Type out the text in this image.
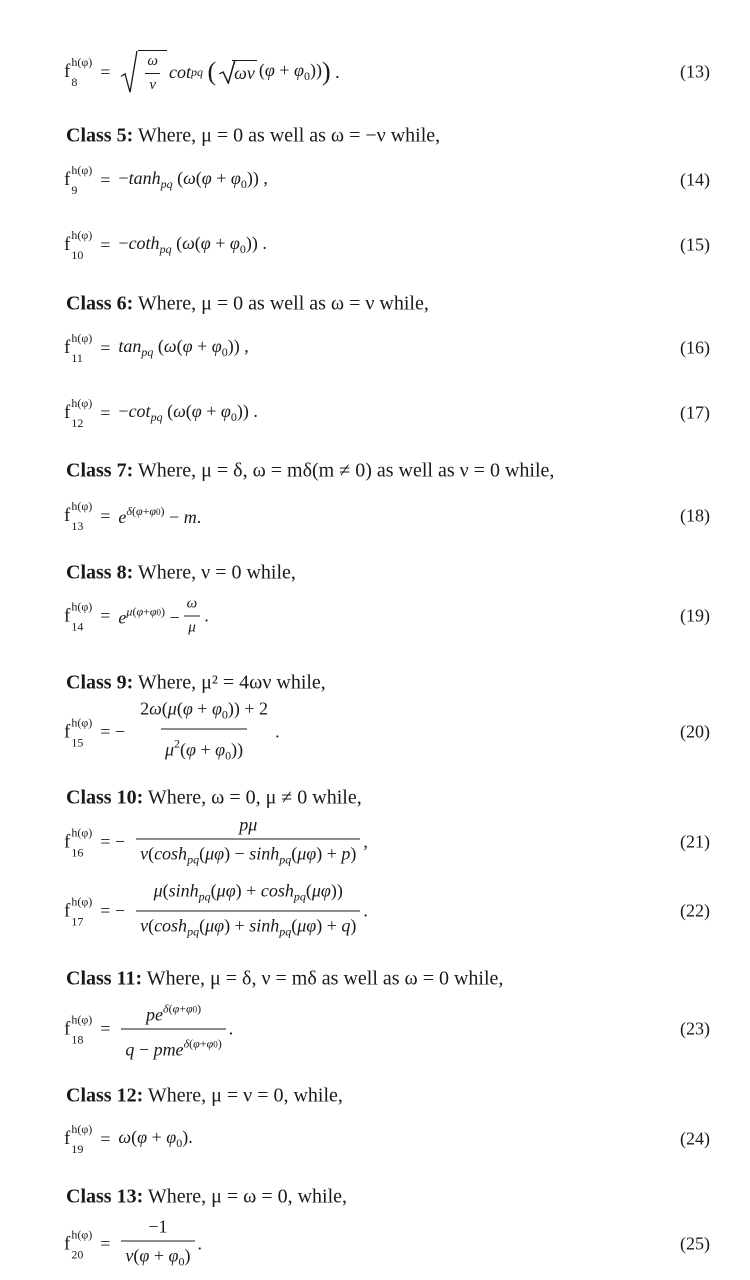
f h(φ)
8
= $\frac{\omega}{\nu}$ cot pq
( ων $(\varphi + \varphi_0)$) ) .	(13)
Class 5: Where, μ = 0 as well as ω = −ν while,
f h(φ)
9
= $-\tanh_{pq}$ $(\omega(\varphi + \varphi_0))$ ,	(14)
f h(φ)
10
= −coth$_{pq}$ $(\omega(\varphi + \varphi_0))$ .	(15)
Class 6: Where, μ = 0 as well as ω = ν while,
f h(φ)
11
= $\tan_{pq} (\omega(\varphi + \varphi_0))$ ,	(16)
f h(φ)
12
= $-\cot_{pq}$ $(\omega(\varphi + \varphi_0))$ .	(17)
Class 7: Where, μ = δ, ω = mδ(m ≠ 0) as well as ν = 0 while,
f h(φ)
13
= $e^{\delta(\varphi+\varphi 0)} - m$.	(18)
Class 8: Where, ν = 0 while,
f h(φ)
14
= $e^{\mu(\varphi+\varphi 0)} - \frac{\omega}{\mu}$ .	(19)
Class 9: Where, μ² = 4ων while,
f h(φ)
15
= − $\frac{2\omega(\mu(\varphi + \varphi_0)) + 2}{\mu^2(\varphi + \varphi_0))}$ .	(20)
Class 10: Where, ω = 0, μ ≠ 0 while,
f h(φ)
16
= − $\frac{p\mu}{\nu(\cosh_{pq}(\mu\varphi) - \sinh_{pq}(\mu\varphi) + p)}$ ,	(21)
f h(φ)
17
= − $\frac{\mu(\sinh_{pq}(\mu\varphi) + \cosh_{pq}(\mu\varphi))}{\nu(\cosh_{pq}(\mu\varphi) + \sinh_{pq}(\mu\varphi) + q)}$ .	(22)
Class 11: Where, μ = δ, ν = mδ as well as ω = 0 while,
f h(φ)
18
= $\frac{pe^{\delta(\varphi+\varphi 0)}}{q - pme^{\delta(\varphi+\varphi 0)}}$ .	(23)
Class 12: Where, μ = ν = 0, while,
f h(φ)
19
= $\omega(\varphi + \varphi_0)$.	(24)
Class 13: Where, μ = ω = 0, while,
f h(φ)
20
= $\frac{-1}{\nu(\varphi + \varphi_0)}$ .	(25)
